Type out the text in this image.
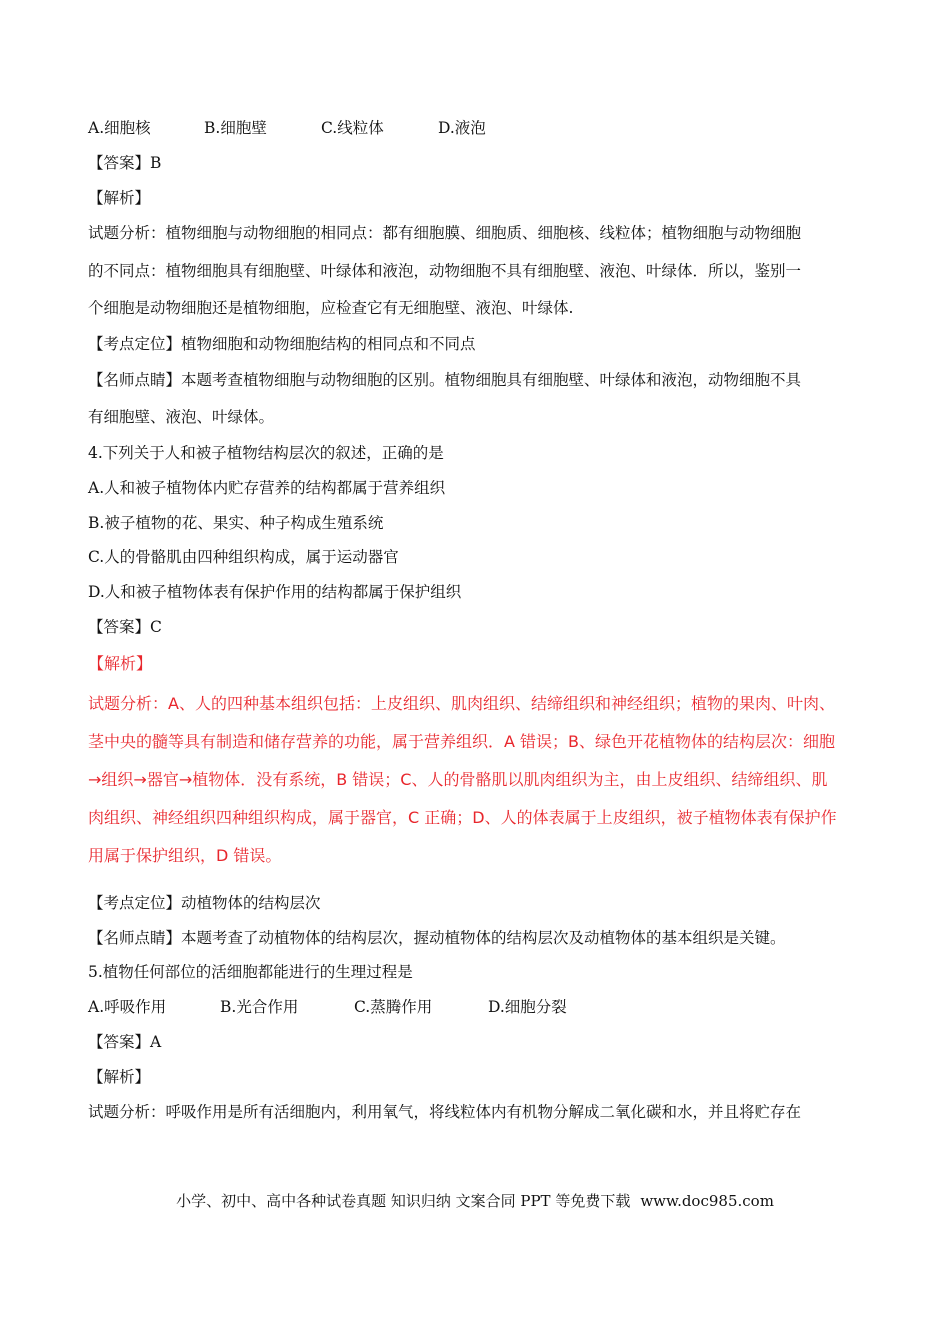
A.细胞核	B.细胞壁	C.线粒体	D.液泡
【答案】B
【解析】
试题分析：植物细胞与动物细胞的相同点：都有细胞膜、细胞质、细胞核、线粒体；植物细胞与动物细胞
的不同点：植物细胞具有细胞壁、叶绿体和液泡，动物细胞不具有细胞壁、液泡、叶绿体．所以，鉴别一
个细胞是动物细胞还是植物细胞，应检查它有无细胞壁、液泡、叶绿体.
【考点定位】植物细胞和动物细胞结构的相同点和不同点
【名师点睛】本题考查植物细胞与动物细胞的区别。植物细胞具有细胞壁、叶绿体和液泡，动物细胞不具
有细胞壁、液泡、叶绿体。
4.下列关于人和被子植物结构层次的叙述，正确的是
A.人和被子植物体内贮存营养的结构都属于营养组织
B.被子植物的花、果实、种子构成生殖系统
C.人的骨骼肌由四种组织构成，属于运动器官
D.人和被子植物体表有保护作用的结构都属于保护组织
【答案】C
【解析】
试题分析：A、人的四种基本组织包括：上皮组织、肌肉组织、结缔组织和神经组织；植物的果肉、叶肉、
茎中央的髓等具有制造和储存营养的功能，属于营养组织．A 错误；B、绿色开花植物体的结构层次：细胞
→组织→器官→植物体．没有系统，B 错误；C、人的骨骼肌以肌肉组织为主，由上皮组织、结缔组织、肌
肉组织、神经组织四种组织构成，属于器官，C 正确；D、人的体表属于上皮组织，被子植物体表有保护作
用属于保护组织，D 错误。
【考点定位】动植物体的结构层次
【名师点睛】本题考查了动植物体的结构层次，握动植物体的结构层次及动植物体的基本组织是关键。
5.植物任何部位的活细胞都能进行的生理过程是
A.呼吸作用	B.光合作用	C.蒸腾作用	D.细胞分裂
【答案】A
【解析】
试题分析：呼吸作用是所有活细胞内，利用氧气，将线粒体内有机物分解成二氧化碳和水，并且将贮存在
小学、初中、高中各种试卷真题 知识归纳 文案合同 PPT 等免费下载 www.doc985.com
